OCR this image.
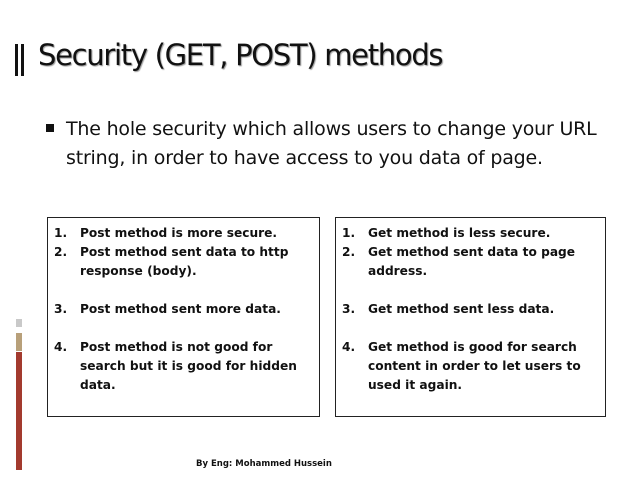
Security (GET, POST) methods
The hole security which allows users to change your URL string, in order to have access to you data of page.
1. Post method is more secure.
2. Post method sent data to http response (body).
3. Post method sent more data.
4. Post method is not good for search but it is good for hidden data.
1. Get method is less secure.
2. Get method sent data to page address.
3. Get method sent less data.
4. Get method is good for search content in order to let users to used it again.
By Eng: Mohammed Hussein
